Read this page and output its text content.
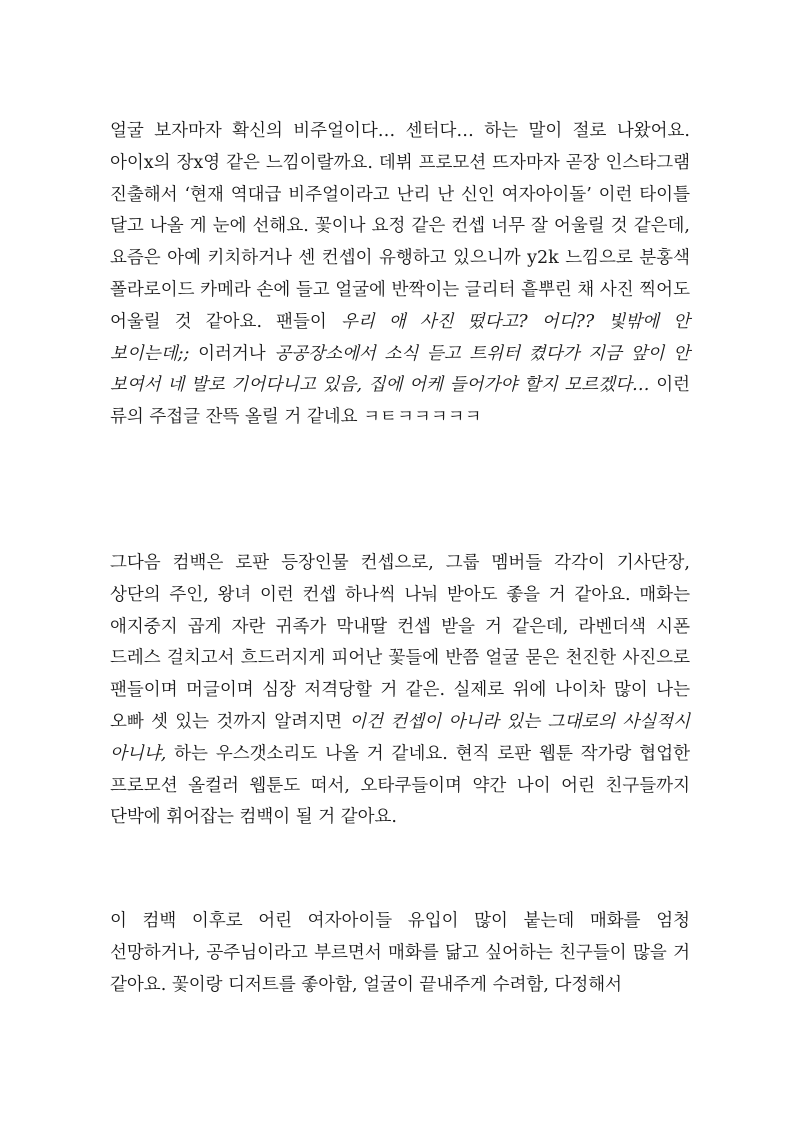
얼굴 보자마자 확신의 비주얼이다… 센터다… 하는 말이 절로 나왔어요. 아이x의 장x영 같은 느낌이랄까요. 데뷔 프로모션 뜨자마자 곧장 인스타그램 진출해서 ‘현재 역대급 비주얼이라고 난리 난 신인 여자아이돌’ 이런 타이틀 달고 나올 게 눈에 선해요. 꽃이나 요정 같은 컨셉 너무 잘 어울릴 것 같은데, 요즘은 아예 키치하거나 센 컨셉이 유행하고 있으니까 y2k 느낌으로 분홍색 폴라로이드 카메라 손에 들고 얼굴에 반짝이는 글리터 흩뿌린 채 사진 찍어도 어울릴 것 같아요. 팬들이 우리 애 사진 떴다고? 어디?? 빛밖에 안 보이는데;; 이러거나 공공장소에서 소식 듣고 트위터 켰다가 지금 앞이 안 보여서 네 발로 기어다니고 있음, 집에 어케 들어가야 할지 모르겠다… 이런 류의 주접글 잔뜩 올릴 거 같네요 ㅋㅌㅋㅋㅋㅋㅋ

그다음 컴백은 로판 등장인물 컨셉으로, 그룹 멤버들 각각이 기사단장, 상단의 주인, 왕녀 이런 컨셉 하나씩 나눠 받아도 좋을 거 같아요. 매화는 애지중지 곱게 자란 귀족가 막내딸 컨셉 받을 거 같은데, 라벤더색 시폰 드레스 걸치고서 흐드러지게 피어난 꽃들에 반쯤 얼굴 묻은 천진한 사진으로 팬들이며 머글이며 심장 저격당할 거 같은. 실제로 위에 나이차 많이 나는 오빠 셋 있는 것까지 알려지면 이건 컨셉이 아니라 있는 그대로의 사실적시 아니냐, 하는 우스갯소리도 나올 거 같네요. 현직 로판 웹툰 작가랑 협업한 프로모션 올컬러 웹툰도 떠서, 오타쿠들이며 약간 나이 어린 친구들까지 단박에 휘어잡는 컴백이 될 거 같아요.

이 컴백 이후로 어린 여자아이들 유입이 많이 붙는데 매화를 엄청 선망하거나, 공주님이라고 부르면서 매화를 닮고 싶어하는 친구들이 많을 거 같아요. 꽃이랑 디저트를 좋아함, 얼굴이 끝내주게 수려함, 다정해서
